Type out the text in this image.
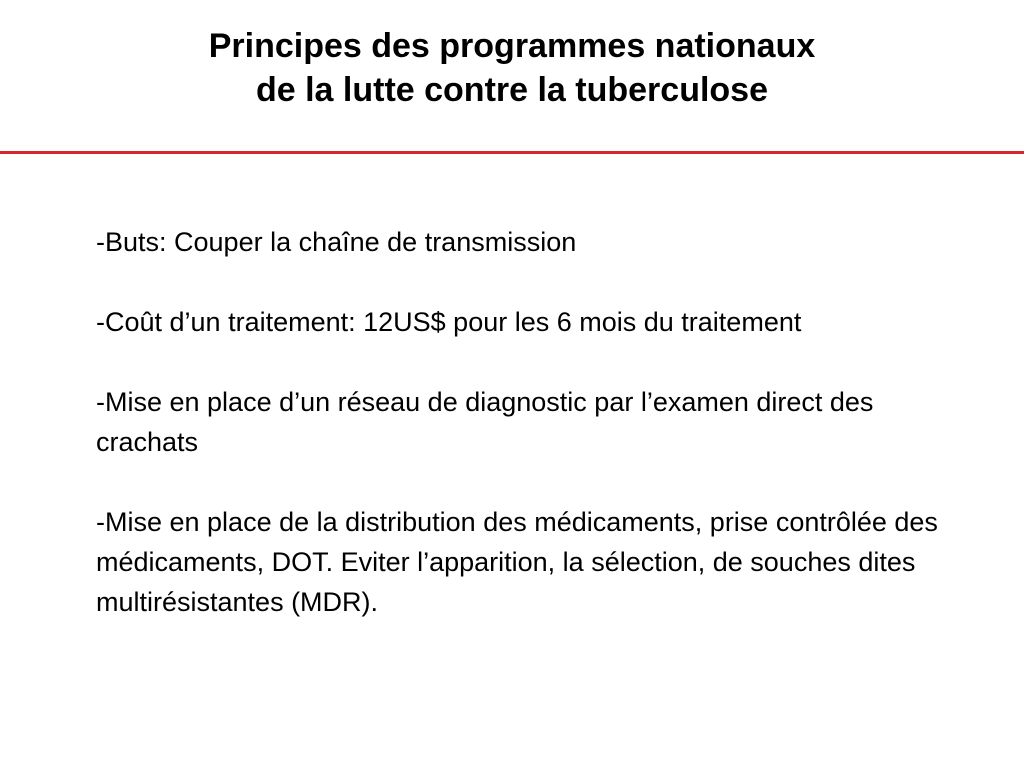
Principes des programmes nationaux
de la lutte contre la tuberculose

-Buts: Couper la chaîne de transmission

-Coût d’un traitement: 12US$ pour les 6 mois du traitement

-Mise en place d’un réseau de diagnostic par l’examen direct des crachats

-Mise en place de la distribution des médicaments, prise contrôlée des médicaments, DOT. Eviter l’apparition, la sélection, de souches dites multirésistantes (MDR).
